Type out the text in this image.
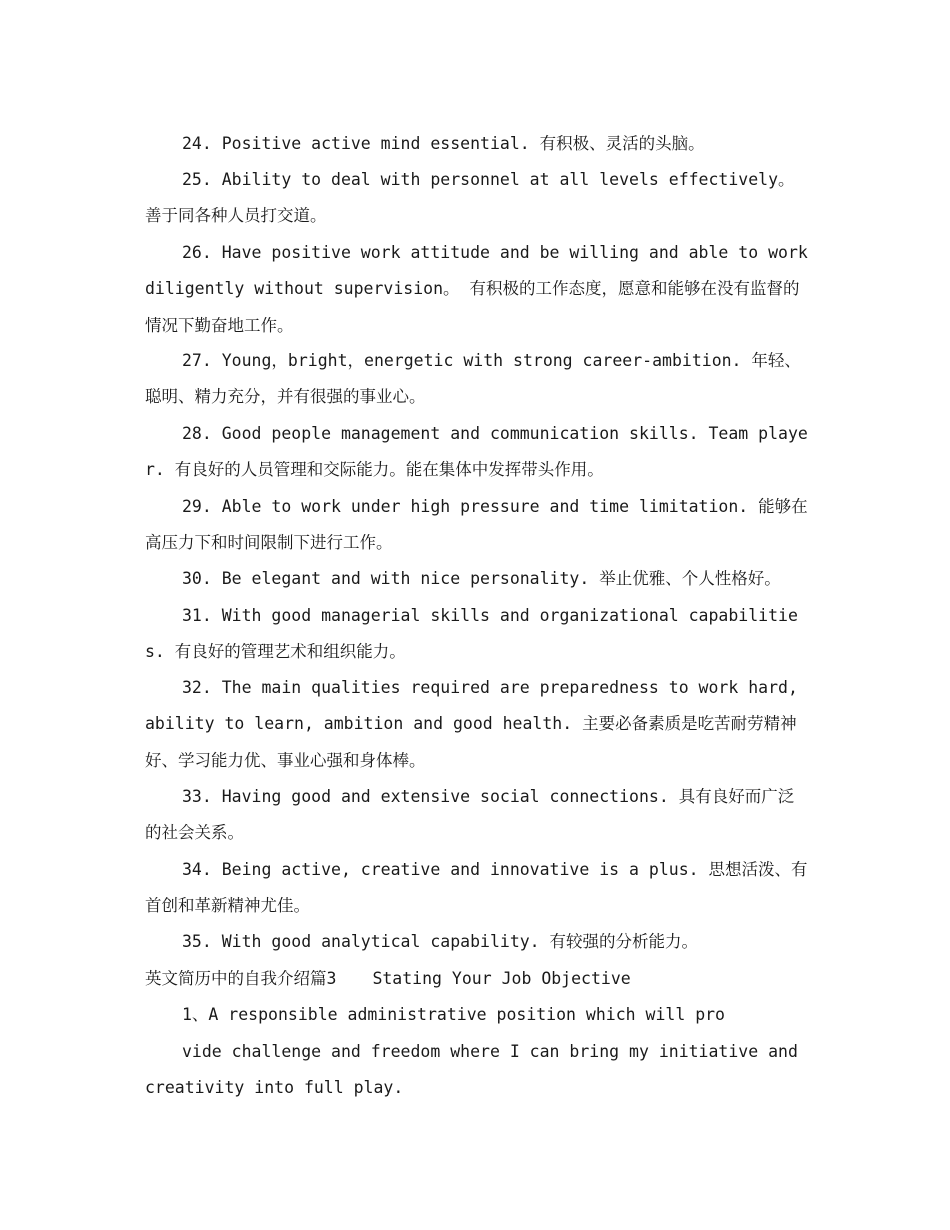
24. Positive active mind essential. 有积极、灵活的头脑。

25. Ability to deal with personnel at all levels effectively。 善于同各种人员打交道。

26. Have positive work attitude and be willing and able to work diligently without supervision。 有积极的工作态度，愿意和能够在没有监督的情况下勤奋地工作。

27. Young，bright，energetic with strong career-ambition. 年轻、聪明、精力充分，并有很强的事业心。

28. Good people management and communication skills. Team player. 有良好的人员管理和交际能力。能在集体中发挥带头作用。

29. Able to work under high pressure and time limitation. 能够在高压力下和时间限制下进行工作。

30. Be elegant and with nice personality. 举止优雅、个人性格好。

31. With good managerial skills and organizational capabilities. 有良好的管理艺术和组织能力。

32. The main qualities required are preparedness to work hard, ability to learn, ambition and good health. 主要必备素质是吃苦耐劳精神好、学习能力优、事业心强和身体棒。

33. Having good and extensive social connections. 具有良好而广泛的社会关系。

34. Being active, creative and innovative is a plus. 思想活泼、有首创和革新精神尤佳。

35. With good analytical capability. 有较强的分析能力。

英文简历中的自我介绍篇3 Stating Your Job Objective

1、A responsible administrative position which will pro

vide challenge and freedom where I can bring my initiative and creativity into full play.
